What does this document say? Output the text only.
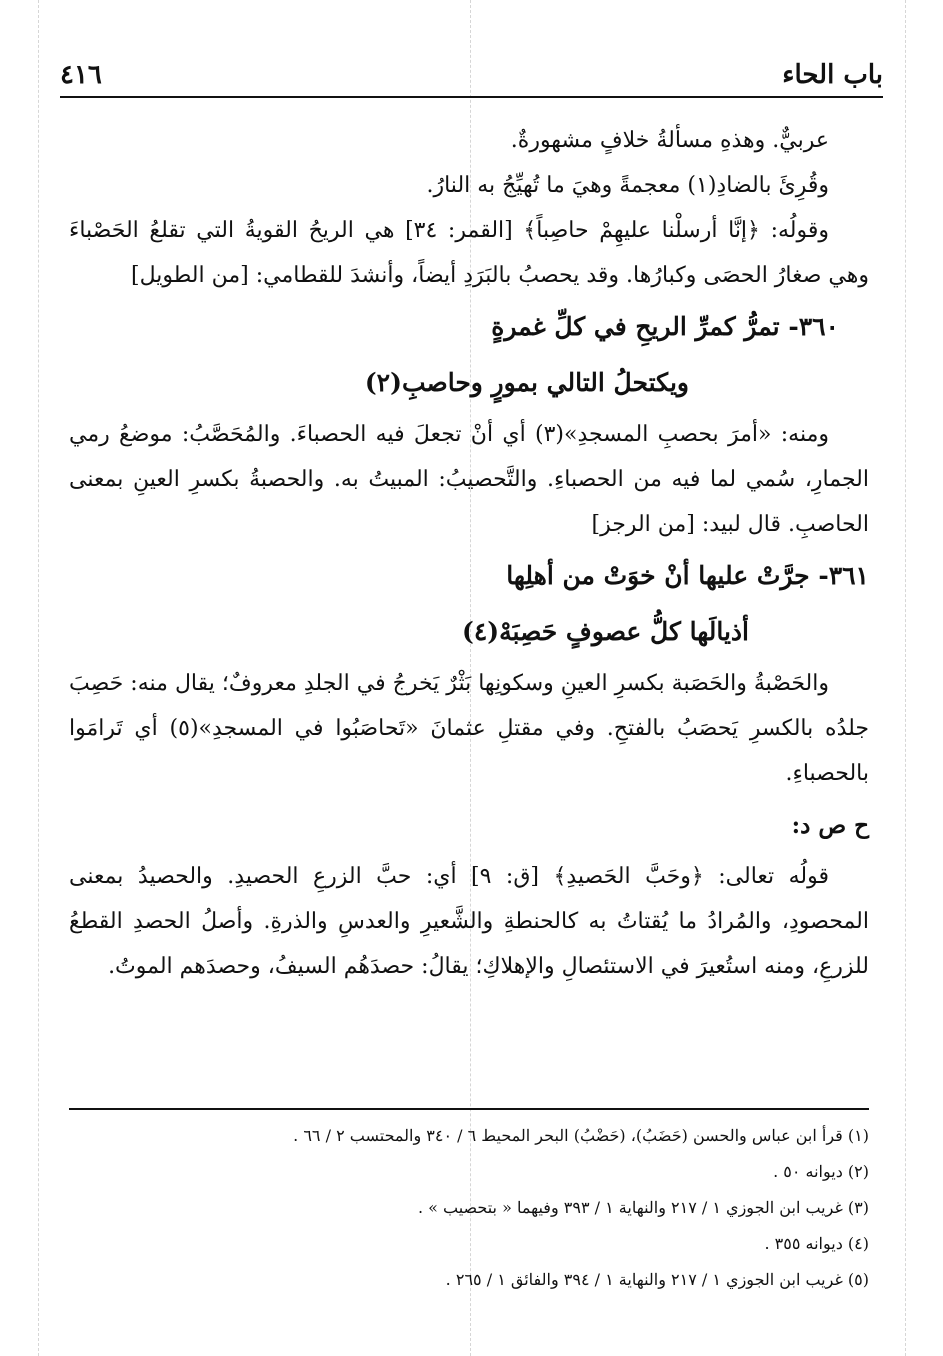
باب الحاء
٤١٦

عربيٌّ. وهذهِ مسألةُ خلافٍ مشهورةٌ.

وقُرِئَ بالضادِ(١) معجمةً وهيَ ما تُهيِّجُ به النارُ.

وقولُه: ﴿إنَّا أرسلْنا عليهِمْ حاصِباً﴾ [القمر: ٣٤] هي الريحُ القويةُ التي تقلعُ الحَصْباءَ وهي صغارُ الحصَى وكبارُها. وقد يحصبُ بالبَرَدِ أيضاً، وأنشدَ للقطامي: [من الطويل]

٣٦٠- تمرُّ كمرِّ الريحِ في كلِّ غمرةٍ
ويكتحلُ التالي بمورٍ وحاصبِ(٢)

ومنه: «أمرَ بحصبِ المسجدِ»(٣) أي أنْ تجعلَ فيه الحصباءَ. والمُحَصَّبُ: موضعُ رمي الجمارِ، سُمي لما فيه من الحصباءِ. والتَّحصيبُ: المبيتُ به. والحصبةُ بكسرِ العينِ بمعنى الحاصبِ. قال لبيد: [من الرجز]

٣٦١- جرَّتْ عليها أنْ خوَتْ من أهلِها
أذيالَها كلُّ عصوفٍ حَصِبَهْ(٤)

والحَصْبةُ والحَصَبة بكسرِ العينِ وسكونِها بَثْرٌ يَخرجُ في الجلدِ معروفٌ؛ يقال منه: حَصِبَ جلدُه بالكسرِ يَحصَبُ بالفتحِ. وفي مقتلِ عثمانَ «تَحاصَبُوا في المسجدِ»(٥) أي تَرامَوا بالحصباءِ.

ح ص د:

قولُه تعالى: ﴿وحَبَّ الحَصيدِ﴾ [ق: ٩] أي: حبَّ الزرعِ الحصيدِ. والحصيدُ بمعنى المحصودِ، والمُرادُ ما يُقتاتُ به كالحنطةِ والشَّعيرِ والعدسِ والذرةِ. وأصلُ الحصدِ القطعُ للزرعِ، ومنه استُعيرَ في الاستئصالِ والإهلاكِ؛ يقالُ: حصدَهُم السيفُ، وحصدَهم الموتُ.

(١) قرأ ابن عباس والحسن (حَضَبُ)، (حَضْبُ) البحر المحيط ٦ / ٣٤٠ والمحتسب ٢ / ٦٦ .
(٢) ديوانه ٥٠ .
(٣) غريب ابن الجوزي ١ / ٢١٧ والنهاية ١ / ٣٩٣ وفيهما « بتحصيب » .
(٤) ديوانه ٣٥٥ .
(٥) غريب ابن الجوزي ١ / ٢١٧ والنهاية ١ / ٣٩٤ والفائق ١ / ٢٦٥ .
